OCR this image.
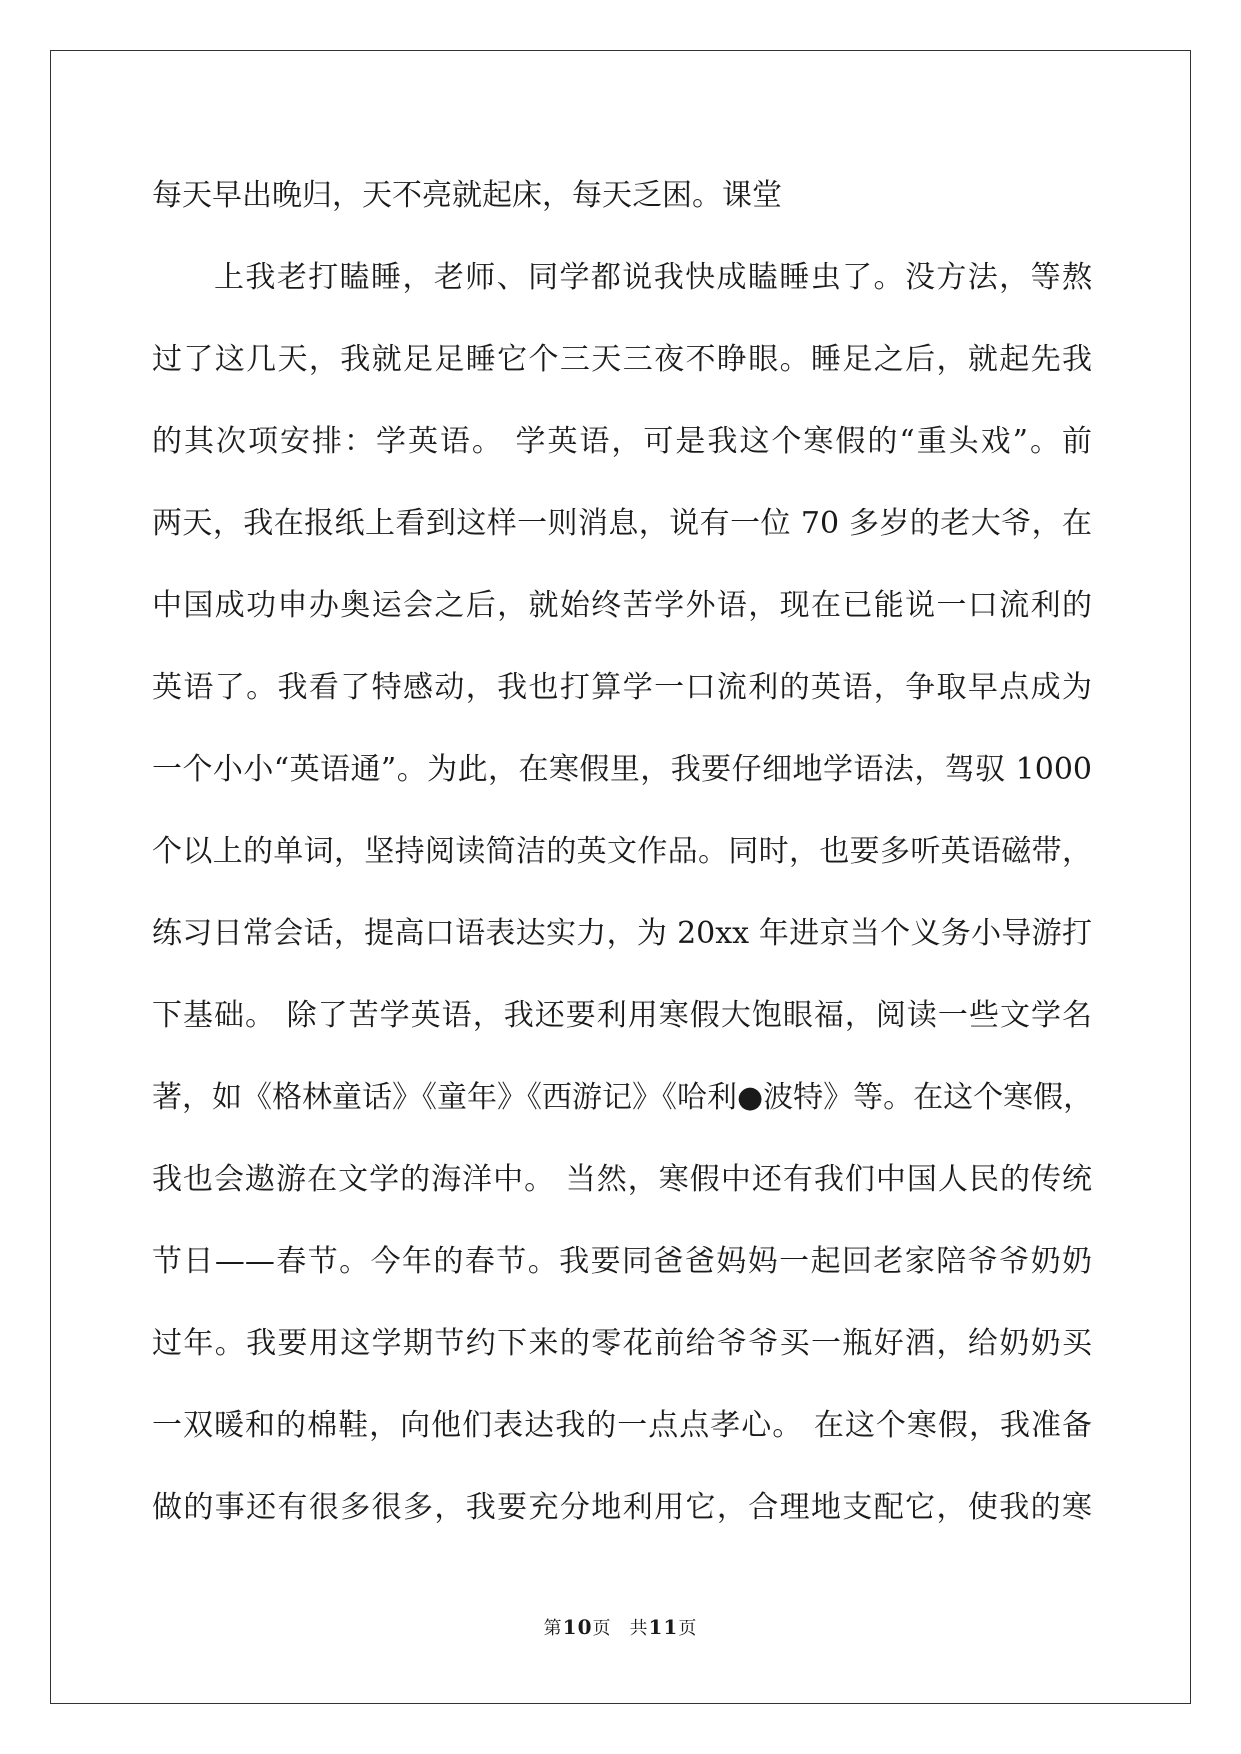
每天早出晚归，天不亮就起床，每天乏困。课堂
上我老打瞌睡，老师、同学都说我快成瞌睡虫了。没方法，等熬
过了这几天，我就足足睡它个三天三夜不睁眼。睡足之后，就起先我
的其次项安排：学英语。 学英语，可是我这个寒假的“重头戏”。前
两天，我在报纸上看到这样一则消息，说有一位 70 多岁的老大爷，在
中国成功申办奥运会之后，就始终苦学外语，现在已能说一口流利的
英语了。我看了特感动，我也打算学一口流利的英语，争取早点成为
一个小小“英语通”。为此，在寒假里，我要仔细地学语法，驾驭 1000
个以上的单词，坚持阅读简洁的英文作品。同时，也要多听英语磁带，
练习日常会话，提高口语表达实力，为 20xx 年进京当个义务小导游打
下基础。 除了苦学英语，我还要利用寒假大饱眼福，阅读一些文学名
著，如《格林童话》《童年》《西游记》《哈利●波特》等。在这个寒假，
我也会遨游在文学的海洋中。 当然，寒假中还有我们中国人民的传统
节日——春节。今年的春节。我要同爸爸妈妈一起回老家陪爷爷奶奶
过年。我要用这学期节约下来的零花前给爷爷买一瓶好酒，给奶奶买
一双暖和的棉鞋，向他们表达我的一点点孝心。 在这个寒假，我准备
做的事还有很多很多，我要充分地利用它，合理地支配它，使我的寒
第10页 共11页
